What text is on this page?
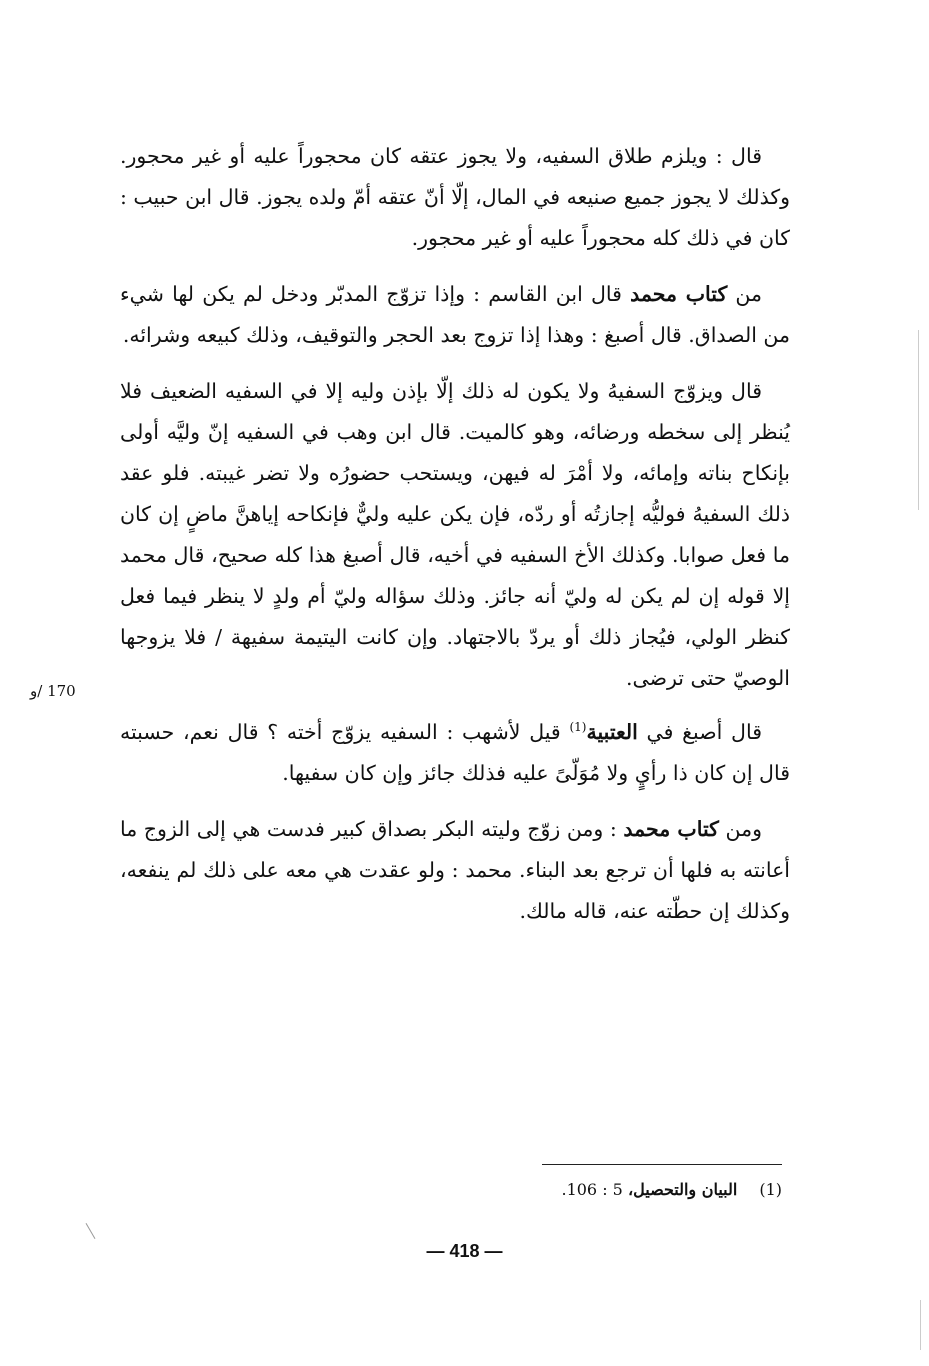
قال : ويلزم طلاق السفيه، ولا يجوز عتقه كان محجوراً عليه أو غير محجور. وكذلك لا يجوز جميع صنيعه في المال، إلّا أنّ عتقه أمّ ولده يجوز. قال ابن حبيب : كان في ذلك كله محجوراً عليه أو غير محجور.

من كتاب محمد قال ابن القاسم : وإذا تزوّج المدبّر ودخل لم يكن لها شيء من الصداق. قال أصبغ : وهذا إذا تزوج بعد الحجر والتوقيف، وذلك كبيعه وشرائه.

قال ويزوّج السفيهُ ولا يكون له ذلك إلّا بإذن وليه إلا في السفيه الضعيف فلا يُنظر إلى سخطه ورضائه، وهو كالميت. قال ابن وهب في السفيه إنّ وليَّه أولى بإنكاح بناته وإمائه، ولا أمْرَ له فيهن، ويستحب حضورُه ولا تضر غيبته. فلو عقد ذلك السفيهُ فوليُّه إجازتُه أو ردّه، فإن يكن عليه وليٌّ فإنكاحه إياهنَّ ماضٍ إن كان ما فعل صوابا. وكذلك الأخ السفيه في أخيه، قال أصبغ هذا كله صحيح، قال محمد إلا قوله إن لم يكن له وليّ أنه جائز. وذلك سؤاله وليّ أم ولدٍ لا ينظر فيما فعل كنظر الولي، فيُجاز ذلك أو يردّ بالاجتهاد. وإن كانت اليتيمة سفيهة / فلا يزوجها الوصيّ حتى ترضى.

قال أصبغ في العتبية$^{(1)}$ قيل لأشهب : السفيه يزوّج أخته ؟ قال نعم، حسبته قال إن كان ذا رأيٍ ولا مُوَلّىً عليه فذلك جائز وإن كان سفيها.

ومن كتاب محمد : ومن زوّج وليته البكر بصداق كبير فدست هي إلى الزوج ما أعانته به فلها أن ترجع بعد البناء. محمد : ولو عقدت هي معه على ذلك لم ينفعه، وكذلك إن حطّته عنه، قاله مالك.

170 /و
(1)البيان والتحصيل، 5 : 106.
— 418 —
